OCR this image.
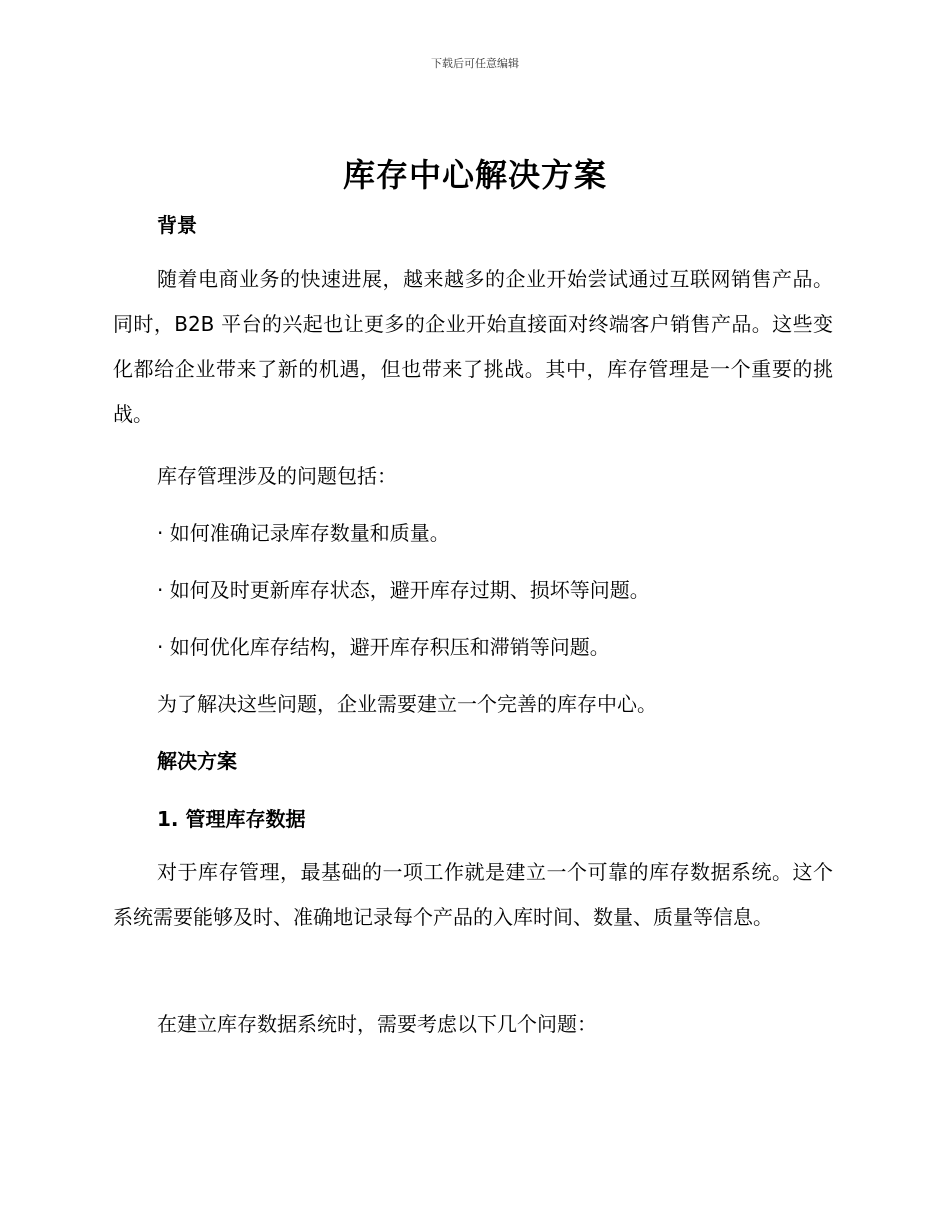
下载后可任意编辑
库存中心解决方案
背景

随着电商业务的快速进展，越来越多的企业开始尝试通过互联网销售产品。同时，B2B 平台的兴起也让更多的企业开始直接面对终端客户销售产品。这些变化都给企业带来了新的机遇，但也带来了挑战。其中，库存管理是一个重要的挑战。

库存管理涉及的问题包括：

· 如何准确记录库存数量和质量。

· 如何及时更新库存状态，避开库存过期、损坏等问题。

· 如何优化库存结构，避开库存积压和滞销等问题。

为了解决这些问题，企业需要建立一个完善的库存中心。

解决方案
1. 管理库存数据

对于库存管理，最基础的一项工作就是建立一个可靠的库存数据系统。这个系统需要能够及时、准确地记录每个产品的入库时间、数量、质量等信息。

在建立库存数据系统时，需要考虑以下几个问题：
